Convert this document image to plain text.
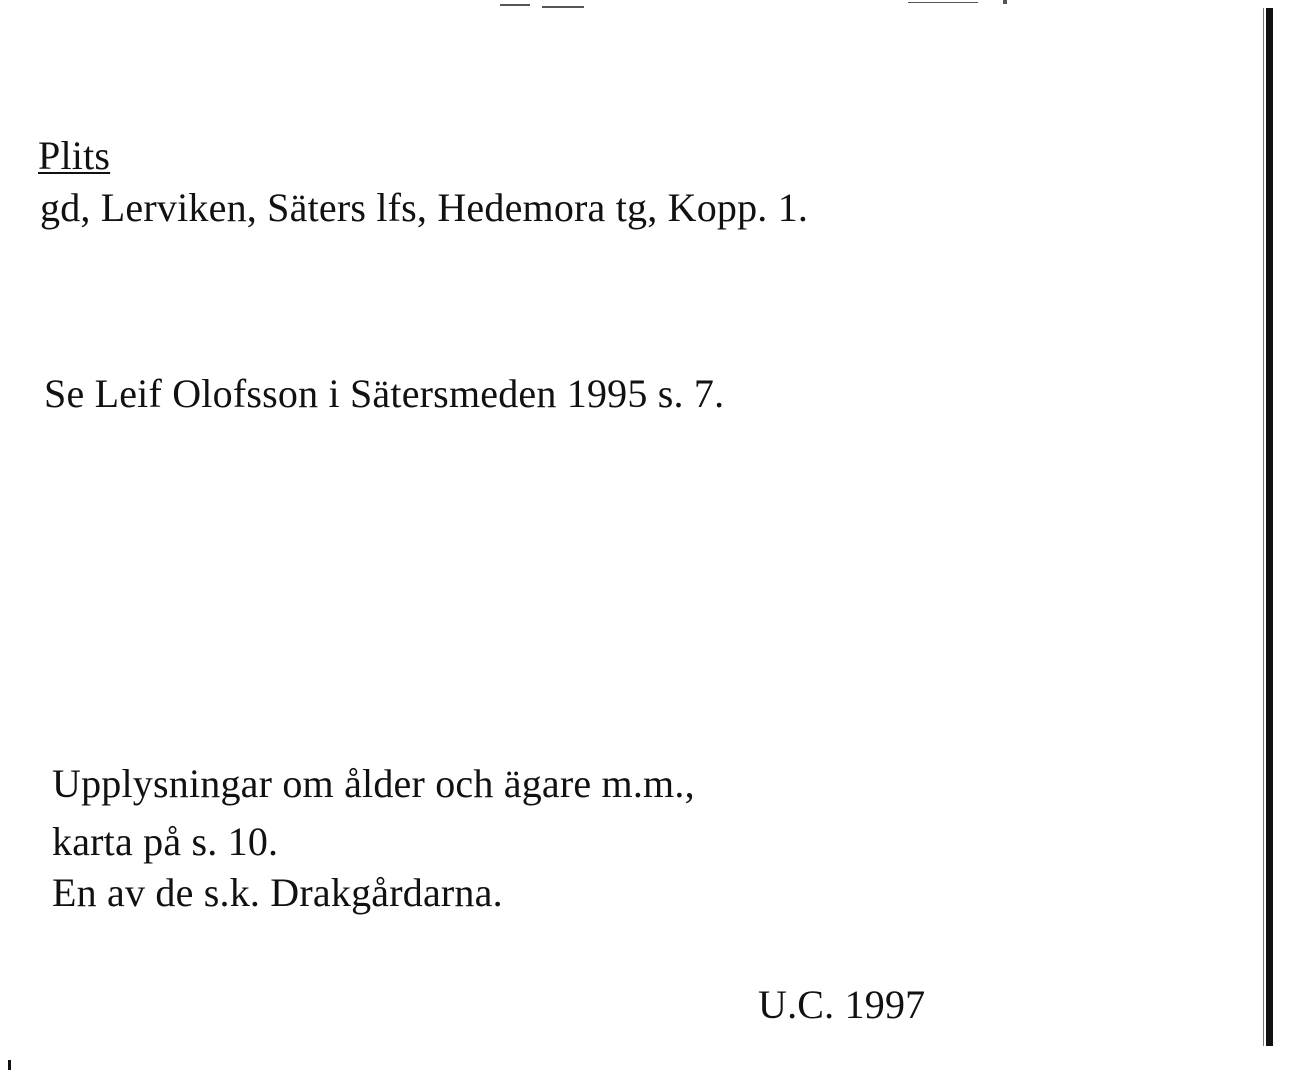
Plits
gd, Lerviken, Säters lfs, Hedemora tg, Kopp. 1.
Se Leif Olofsson i Sätersmeden 1995 s. 7.
Upplysningar om ålder och ägare m.m.,
karta på s. 10.
En av de s.k. Drakgårdarna.
U.C. 1997
